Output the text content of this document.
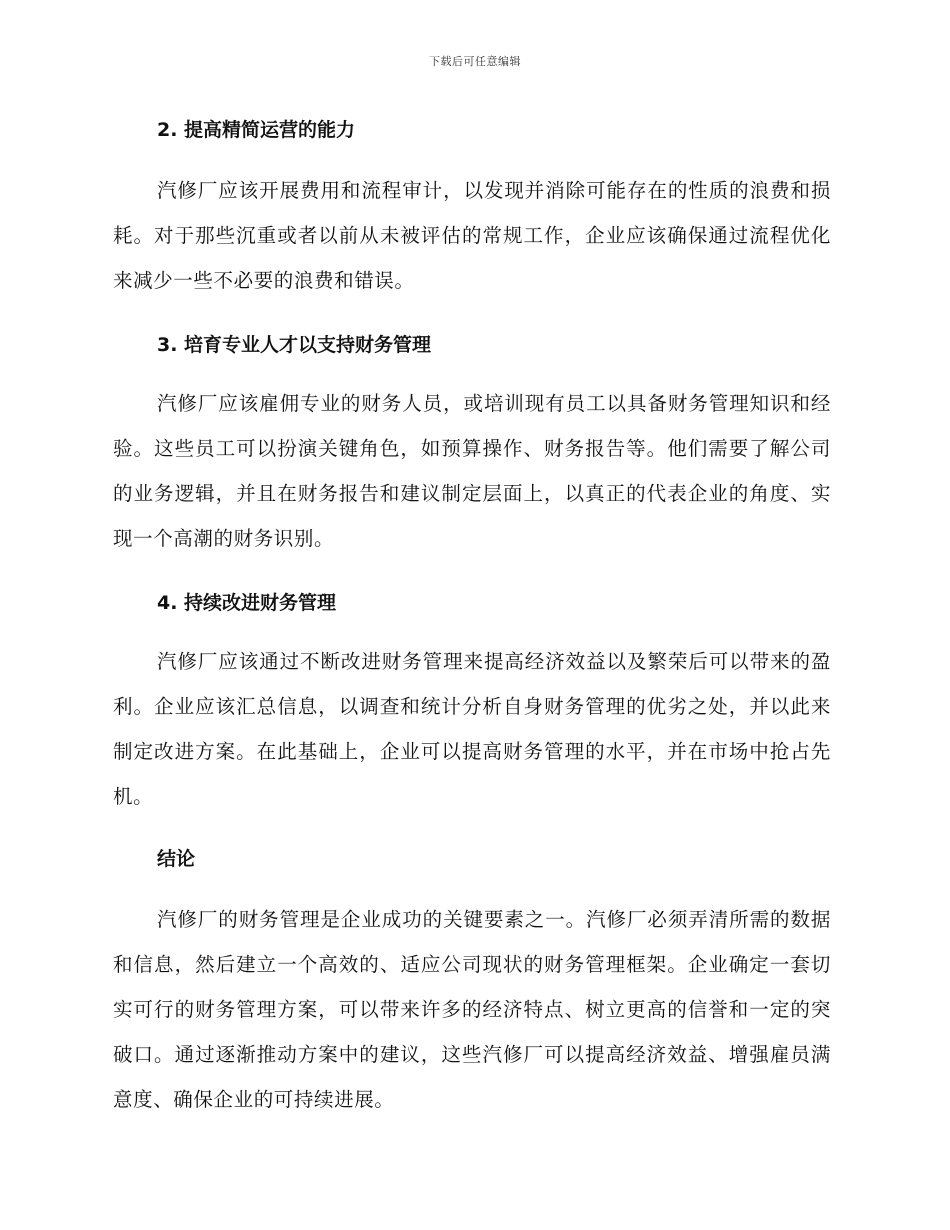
下载后可任意编辑
2. 提高精简运营的能力

汽修厂应该开展费用和流程审计，以发现并消除可能存在的性质的浪费和损耗。对于那些沉重或者以前从未被评估的常规工作，企业应该确保通过流程优化来减少一些不必要的浪费和错误。

3. 培育专业人才以支持财务管理

汽修厂应该雇佣专业的财务人员，或培训现有员工以具备财务管理知识和经验。这些员工可以扮演关键角色，如预算操作、财务报告等。他们需要了解公司的业务逻辑，并且在财务报告和建议制定层面上，以真正的代表企业的角度、实现一个高潮的财务识别。

4. 持续改进财务管理

汽修厂应该通过不断改进财务管理来提高经济效益以及繁荣后可以带来的盈利。企业应该汇总信息，以调查和统计分析自身财务管理的优劣之处，并以此来制定改进方案。在此基础上，企业可以提高财务管理的水平，并在市场中抢占先机。

结论

汽修厂的财务管理是企业成功的关键要素之一。汽修厂必须弄清所需的数据和信息，然后建立一个高效的、适应公司现状的财务管理框架。企业确定一套切实可行的财务管理方案，可以带来许多的经济特点、树立更高的信誉和一定的突破口。通过逐渐推动方案中的建议，这些汽修厂可以提高经济效益、增强雇员满意度、确保企业的可持续进展。
